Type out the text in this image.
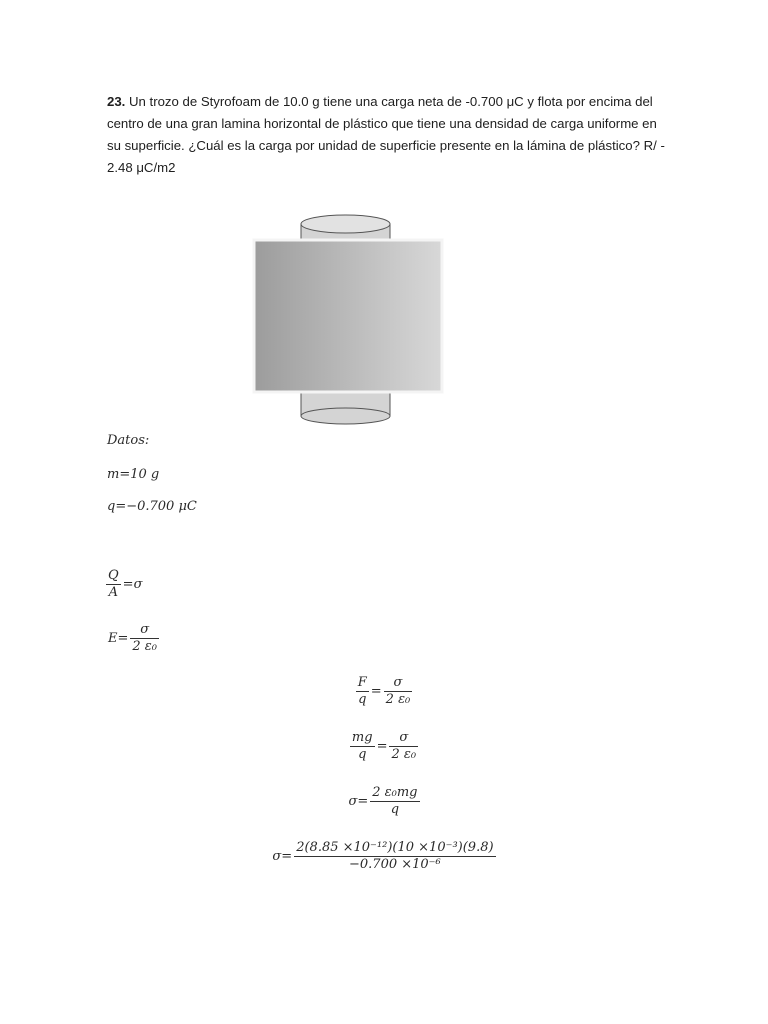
23. Un trozo de Styrofoam de 10.0 g tiene una carga neta de -0.700 μC y flota por encima del centro de una gran lamina horizontal de plástico que tiene una densidad de carga uniforme en su superficie. ¿Cuál es la carga por unidad de superficie presente en la lámina de plástico? R/ - 2.48 μC/m2
Datos:
m=10 g
q=−0.700 μC
$\frac{Q}{A} =\sigma$
$E= \frac{\sigma}{\text{2 ε₀}}$
$\frac{F}{q} = \frac{\sigma}{\text{2 ε₀}}$
$\frac{mg}{q} = \frac{\sigma}{\text{2 ε₀}}$
$\sigma= \frac{\text{2 ε₀mg}}{q}$
$\sigma= \frac{\text{2(8.85 ×10⁻¹²)(10 ×10⁻³)(9.8)}}{\text{−0.700 ×10⁻⁶}}$
